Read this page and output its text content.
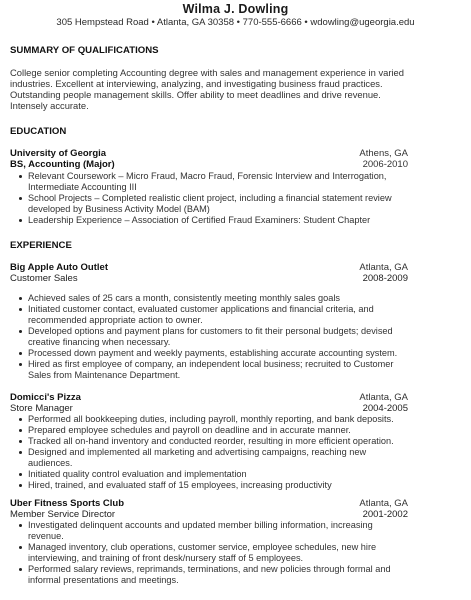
Wilma J. Dowling
305 Hempstead Road • Atlanta, GA 30358 • 770-555-6666 • wdowling@ugeorgia.edu
SUMMARY OF QUALIFICATIONS
College senior completing Accounting degree with sales and management experience in varied
industries. Excellent at interviewing, analyzing, and investigating business fraud practices.
Outstanding people management skills. Offer ability to meet deadlines and drive revenue.
Intensely accurate.
EDUCATION
University of Georgia	Athens, GA
BS, Accounting (Major)	2006-2010
Relevant Coursework – Micro Fraud, Macro Fraud, Forensic Interview and Interrogation,
Intermediate Accounting III
School Projects – Completed realistic client project, including a financial statement review
developed by Business Activity Model (BAM)
Leadership Experience – Association of Certified Fraud Examiners: Student Chapter
EXPERIENCE
Big Apple Auto Outlet	Atlanta, GA
Customer Sales	2008-2009
Achieved sales of 25 cars a month, consistently meeting monthly sales goals
Initiated customer contact, evaluated customer applications and financial criteria, and
recommended appropriate action to owner.
Developed options and payment plans for customers to fit their personal budgets; devised
creative financing when necessary.
Processed down payment and weekly payments, establishing accurate accounting system.
Hired as first employee of company, an independent local business; recruited to Customer
Sales from Maintenance Department.
Domicci's Pizza	Atlanta, GA
Store Manager	2004-2005
Performed all bookkeeping duties, including payroll, monthly reporting, and bank deposits.
Prepared employee schedules and payroll on deadline and in accurate manner.
Tracked all on-hand inventory and conducted reorder, resulting in more efficient operation.
Designed and implemented all marketing and advertising campaigns, reaching new
audiences.
Initiated quality control evaluation and implementation
Hired, trained, and evaluated staff of 15 employees, increasing productivity
Uber Fitness Sports Club	Atlanta, GA
Member Service Director	2001-2002
Investigated delinquent accounts and updated member billing information, increasing
revenue.
Managed inventory, club operations, customer service, employee schedules, new hire
interviewing, and training of front desk/nursery staff of 5 employees.
Performed salary reviews, reprimands, terminations, and new policies through formal and
informal presentations and meetings.
